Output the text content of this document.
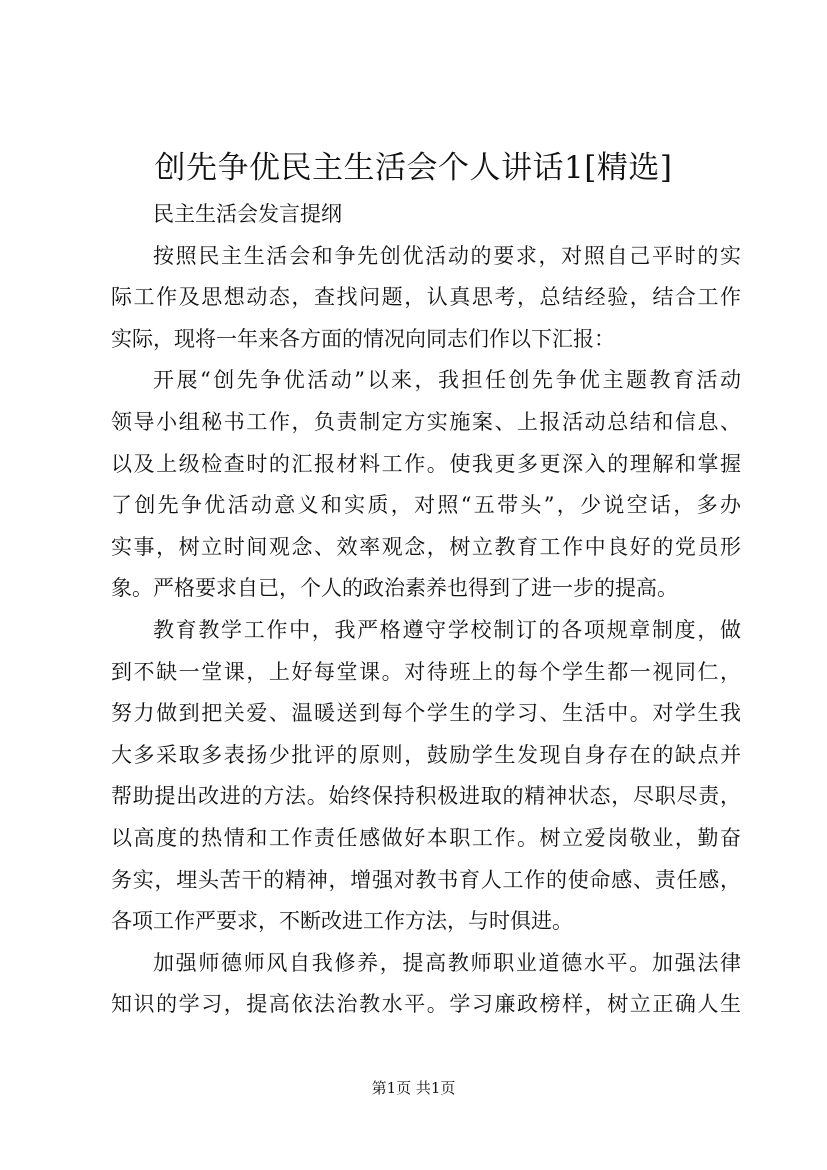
创先争优民主生活会个人讲话1[精选]
民主生活会发言提纲
按照民主生活会和争先创优活动的要求，对照自己平时的实
际工作及思想动态，查找问题，认真思考，总结经验，结合工作
实际，现将一年来各方面的情况向同志们作以下汇报：
开展“创先争优活动”以来，我担任创先争优主题教育活动
领导小组秘书工作，负责制定方实施案、上报活动总结和信息、
以及上级检查时的汇报材料工作。使我更多更深入的理解和掌握
了创先争优活动意义和实质，对照“五带头”，少说空话，多办
实事，树立时间观念、效率观念，树立教育工作中良好的党员形
象。严格要求自已，个人的政治素养也得到了进一步的提高。
教育教学工作中，我严格遵守学校制订的各项规章制度，做
到不缺一堂课，上好每堂课。对待班上的每个学生都一视同仁，
努力做到把关爱、温暖送到每个学生的学习、生活中。对学生我
大多采取多表扬少批评的原则，鼓励学生发现自身存在的缺点并
帮助提出改进的方法。始终保持积极进取的精神状态，尽职尽责，
以高度的热情和工作责任感做好本职工作。树立爱岗敬业，勤奋
务实，埋头苦干的精神，增强对教书育人工作的使命感、责任感，
各项工作严要求，不断改进工作方法，与时俱进。
加强师德师风自我修养，提高教师职业道德水平。加强法律
知识的学习，提高依法治教水平。学习廉政榜样，树立正确人生
第1页 共1页
